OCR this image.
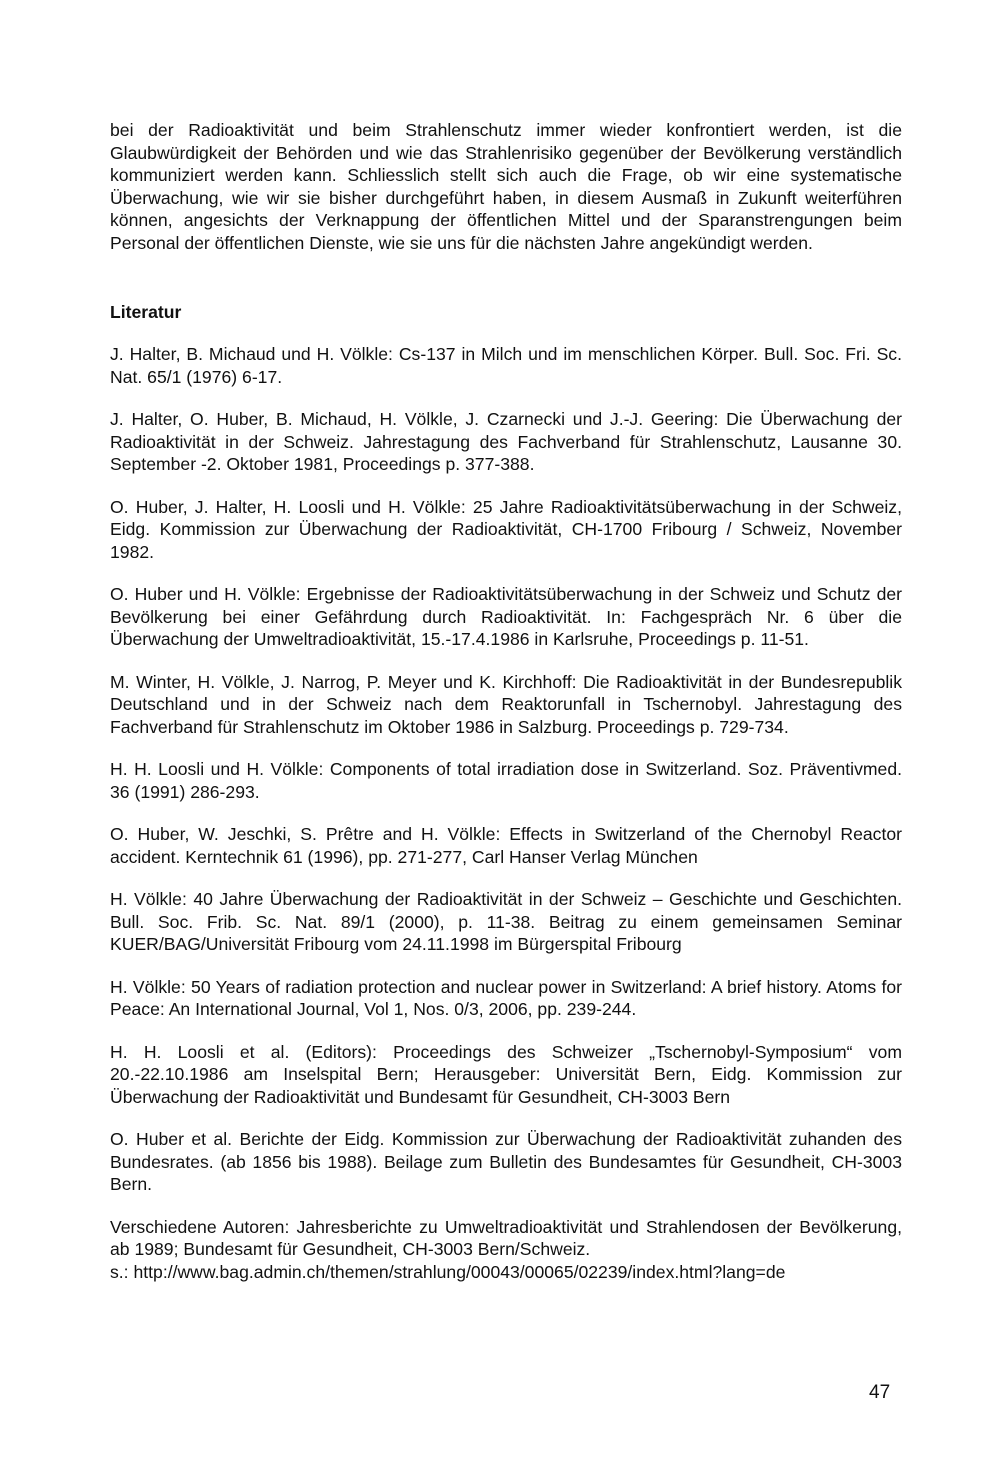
bei der Radioaktivität und beim Strahlenschutz immer wieder konfrontiert werden, ist die Glaubwürdigkeit der Behörden und wie das Strahlenrisiko gegenüber der Bevölkerung verständlich kommuniziert werden kann. Schliesslich stellt sich auch die Frage, ob wir eine systematische Überwachung, wie wir sie bisher durchgeführt haben, in diesem Ausmaß in Zukunft weiterführen können, angesichts der Verknappung der öffentlichen Mittel und der Sparanstrengungen beim Personal der öffentlichen Dienste, wie sie uns für die nächsten Jahre angekündigt werden.

Literatur

J. Halter, B. Michaud und H. Völkle: Cs-137 in Milch und im menschlichen Körper. Bull. Soc. Fri. Sc. Nat. 65/1 (1976) 6-17.

J. Halter, O. Huber, B. Michaud, H. Völkle, J. Czarnecki und J.-J. Geering: Die Überwachung der Radioaktivität in der Schweiz. Jahrestagung des Fachverband für Strahlenschutz, Lausanne 30. September -2. Oktober 1981, Proceedings p. 377-388.

O. Huber, J. Halter, H. Loosli und H. Völkle: 25 Jahre Radioaktivitätsüberwachung in der Schweiz, Eidg. Kommission zur Überwachung der Radioaktivität, CH-1700 Fribourg / Schweiz, November 1982.

O. Huber und H. Völkle: Ergebnisse der Radioaktivitätsüberwachung in der Schweiz und Schutz der Bevölkerung bei einer Gefährdung durch Radioaktivität. In: Fachgespräch Nr. 6 über die Überwachung der Umweltradioaktivität, 15.-17.4.1986 in Karlsruhe, Proceedings p. 11-51.

M. Winter, H. Völkle, J. Narrog, P. Meyer und K. Kirchhoff: Die Radioaktivität in der Bundesrepublik Deutschland und in der Schweiz nach dem Reaktorunfall in Tschernobyl. Jahrestagung des Fachverband für Strahlenschutz im Oktober 1986 in Salzburg. Proceedings p. 729-734.

H. H. Loosli und H. Völkle: Components of total irradiation dose in Switzerland. Soz. Präventivmed. 36 (1991) 286-293.

O. Huber, W. Jeschki, S. Prêtre and H. Völkle: Effects in Switzerland of the Chernobyl Reactor accident. Kerntechnik 61 (1996), pp. 271-277, Carl Hanser Verlag München

H. Völkle: 40 Jahre Überwachung der Radioaktivität in der Schweiz – Geschichte und Geschichten. Bull. Soc. Frib. Sc. Nat. 89/1 (2000), p. 11-38. Beitrag zu einem gemeinsamen Seminar KUER/BAG/Universität Fribourg vom 24.11.1998 im Bürgerspital Fribourg

H. Völkle: 50 Years of radiation protection and nuclear power in Switzerland: A brief history. Atoms for Peace: An International Journal, Vol 1, Nos. 0/3, 2006, pp. 239-244.

H. H. Loosli et al. (Editors): Proceedings des Schweizer „Tschernobyl-Symposium“ vom 20.-22.10.1986 am Inselspital Bern; Herausgeber: Universität Bern, Eidg. Kommission zur Überwachung der Radioaktivität und Bundesamt für Gesundheit, CH-3003 Bern

O. Huber et al. Berichte der Eidg. Kommission zur Überwachung der Radioaktivität zuhanden des Bundesrates. (ab 1856 bis 1988). Beilage zum Bulletin des Bundesamtes für Gesundheit, CH-3003 Bern.

Verschiedene Autoren: Jahresberichte zu Umweltradioaktivität und Strahlendosen der Bevölkerung, ab 1989; Bundesamt für Gesundheit, CH-3003 Bern/Schweiz.
s.: http://www.bag.admin.ch/themen/strahlung/00043/00065/02239/index.html?lang=de
47
